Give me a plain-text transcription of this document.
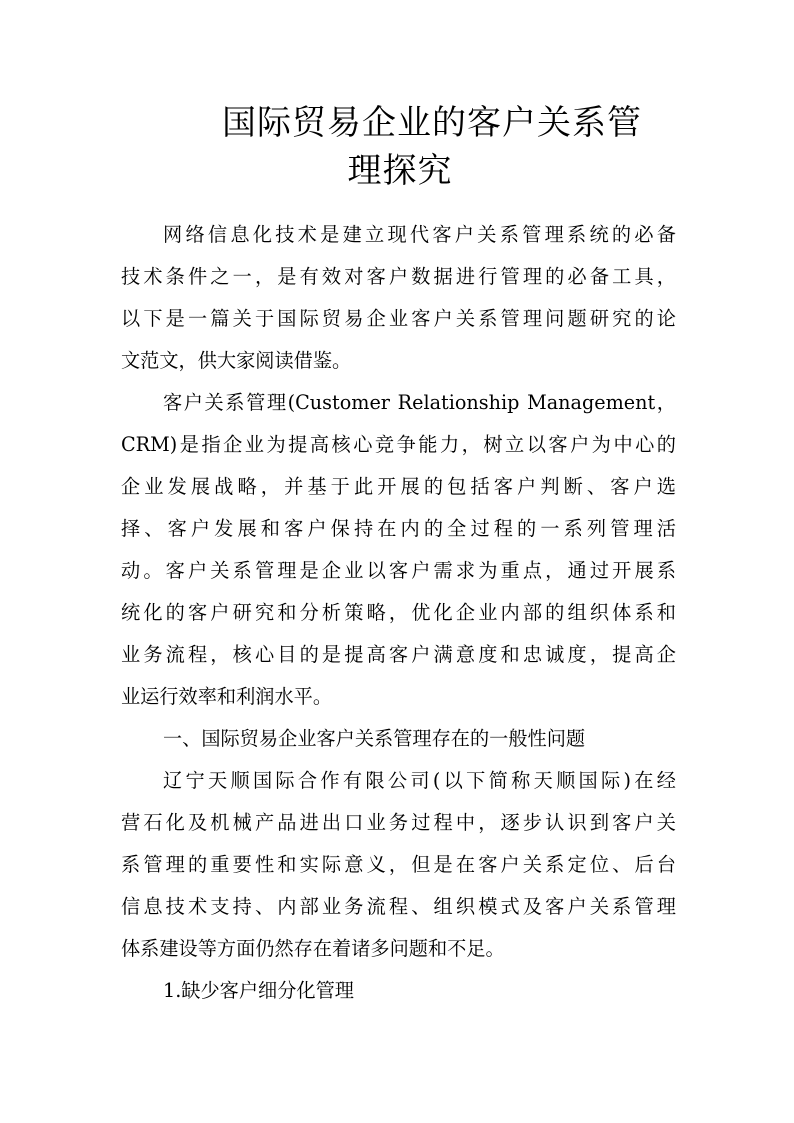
国际贸易企业的客户关系管
理探究
网络信息化技术是建立现代客户关系管理系统的必备
技术条件之一，是有效对客户数据进行管理的必备工具，
以下是一篇关于国际贸易企业客户关系管理问题研究的论
文范文，供大家阅读借鉴。
客户关系管理(Customer Relationship Management，
CRM)是指企业为提高核心竞争能力，树立以客户为中心的
企业发展战略，并基于此开展的包括客户判断、客户选
择、客户发展和客户保持在内的全过程的一系列管理活
动。客户关系管理是企业以客户需求为重点，通过开展系
统化的客户研究和分析策略，优化企业内部的组织体系和
业务流程，核心目的是提高客户满意度和忠诚度，提高企
业运行效率和利润水平。
一、国际贸易企业客户关系管理存在的一般性问题
辽宁天顺国际合作有限公司(以下简称天顺国际)在经
营石化及机械产品进出口业务过程中，逐步认识到客户关
系管理的重要性和实际意义，但是在客户关系定位、后台
信息技术支持、内部业务流程、组织模式及客户关系管理
体系建设等方面仍然存在着诸多问题和不足。
1.缺少客户细分化管理
